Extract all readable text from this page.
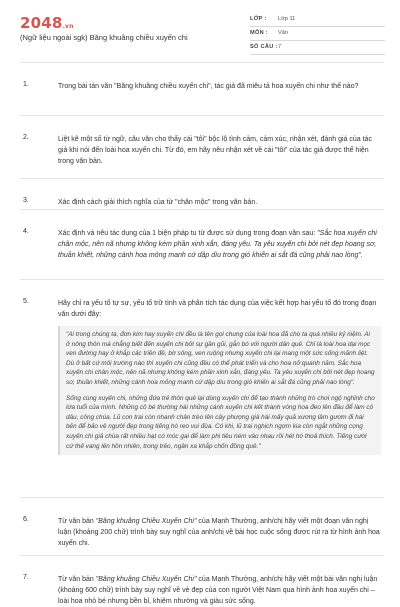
2048.vn
(Ngữ liệu ngoài sgk) Băng khuâng chiều xuyến chi
LỚP :	Lớp 11
MÔN :	Văn
SỐ CÂU :	7
1.	Trong bài tản văn "Băng khuâng chiều xuyến chi", tác giả đã miêu tả hoa xuyến chi như thế nào?
2.	Liệt kê một số từ ngữ, câu văn cho thấy cái "tôi" bộc lộ tình cảm, cảm xúc, nhận xét, đánh giá của tác giả khi nói đến loài hoa xuyến chi. Từ đó, em hãy nêu nhận xét về cái "tôi" của tác giả được thể hiện trong văn bản.
3.	Xác định cách giải thích nghĩa của từ "chân mộc" trong văn bản.
4.	Xác định và nêu tác dụng của 1 biện pháp tu từ được sử dụng trong đoạn văn sau: "Sắc hoa xuyến chi chân mộc, nên nã nhưng không kém phần xinh xắn, đáng yêu. Ta yêu xuyến chi bởi nét đẹp hoang sơ, thuần khiết, những cánh hoa mỏng manh cứ dập dìu trong gió khiến ai sắt đá cũng phải nao lòng".
5.	Hãy chỉ ra yếu tố tự sự, yếu tố trữ tình và phân tích tác dụng của việc kết hợp hai yếu tố đó trong đoạn văn dưới đây:

"Ai trong chúng ta, đơn kim hay xuyến chi đều là tên gọi chung của loài hoa đã cho ta quá nhiều kỷ niệm. Ai ở nông thôn mà chẳng biết đến xuyến chi bởi sự gần gũi, gắn bó với người dân quê. Chỉ là loài hoa dại mọc ven đường hay ở khắp các triền đê, bờ sông, ven ruộng nhưng xuyến chi lại mang một sức sống mãnh liệt. Dù ở bất cứ môi trường nào thì xuyến chi cũng đều có thể phát triển và cho hoa nở quanh năm. Sắc hoa xuyến chi chân mộc, nên nã nhưng không kém phần xinh xắn, đáng yêu. Ta yêu xuyến chi bởi nét đẹp hoang sơ, thuần khiết, những cánh hoa mỏng manh cứ dập dìu trong gió khiến ai sắt đá cũng phải nao lòng".

Sống cùng xuyến chi, những đứa trẻ thôn quê lại dùng xuyến chi để tạo thành những trò chơi ngộ nghĩnh cho lứa tuổi của mình. Những cô bé thường hái những cánh xuyến chi kết thành vòng hoa đeo lên đầu để làm cô dâu, công chúa. Lũ con trai còn nhanh chân trèo lên cây phượng già hái mấy quả xương lâm gươm đi hái bẻn để bảo vệ người đẹp trong tiếng hò reo vui đùa. Có khi, lũ trai nghịch ngợm kia còn ngắt những cọng xuyến chi giả chùa rất nhiều hạt có móc gai để làm phi tiêu ném vào nhau rồi hét hò thoả thích. Tiếng cười cứ thế vang lên hồn nhiên, trong trẻo, ngân xa khắp chốn đồng quê."

6.	Từ văn bản "Băng khuâng Chiều Xuyến Chi" của Mạnh Thường, anh/chị hãy viết một đoạn văn nghị luận (khoảng 200 chữ) trình bày suy nghĩ của anh/chị về bài học cuộc sống được rút ra từ hình ảnh hoa xuyến chi.
7.	Từ văn bản "Băng khuâng Chiều Xuyến Chi" của Mạnh Thường, anh/chị hãy viết một bài văn nghị luận (khoảng 600 chữ) trình bày suy nghĩ về vẻ đẹp của con người Việt Nam qua hình ảnh hoa xuyến chi – loài hoa nhỏ bé nhưng bền bỉ, khiêm nhường và giàu sức sống.
